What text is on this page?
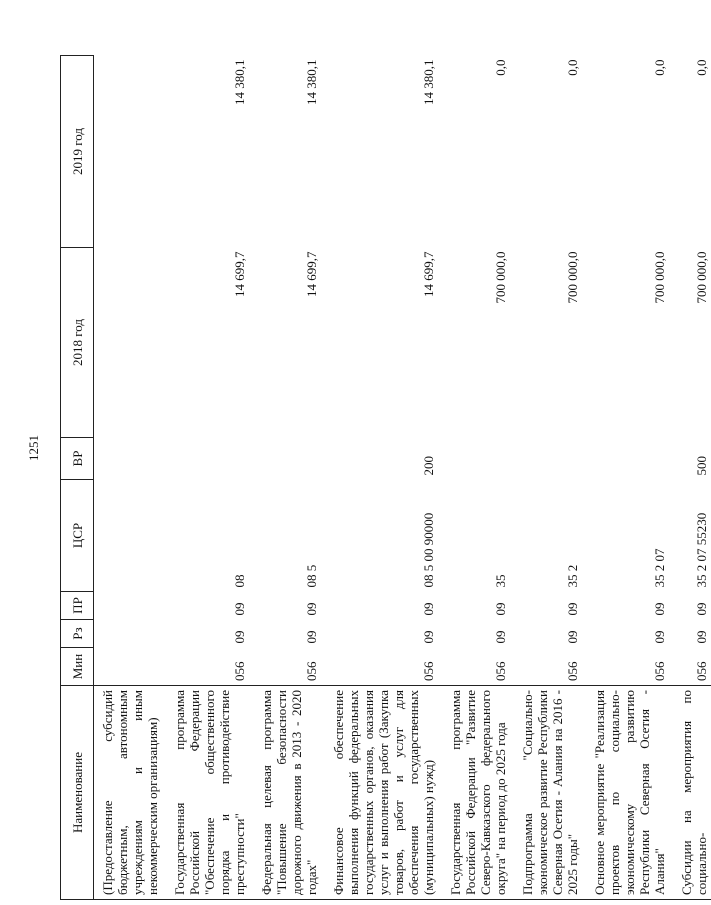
1251
Наименование	Мин	Рз	ПР	ЦСР	ВР	2018 год	2019 год
(Предоставление субсидий бюджетным, автономным учреждениям и иным некоммерческим организациям)							
Государственная программа Российской Федерации "Обеспечение общественного порядка и противодействие преступности"	056	09	09	08		14 699,7	14 380,1
Федеральная целевая программа "Повышение безопасности дорожного движения в 2013 - 2020 годах"	056	09	09	08 5		14 699,7	14 380,1
Финансовое обеспечение выполнения функций федеральных государственных органов, оказания услуг и выполнения работ (Закупка товаров, работ и услуг для обеспечения государственных (муниципальных) нужд)	056	09	09	08 5 00 90000	200	14 699,7	14 380,1
Государственная программа Российской Федерации "Развитие Северо-Кавказского федерального округа" на период до 2025 года	056	09	09	35		700 000,0	0,0
Подпрограмма "Социально-экономическое развитие Республики Северная Осетия - Алания на 2016 - 2025 годы"	056	09	09	35 2		700 000,0	0,0
Основное мероприятие "Реализация проектов по социально-экономическому развитию Республики Северная Осетия - Алания"	056	09	09	35 2 07		700 000,0	0,0
Субсидии на мероприятия по социально-	056	09	09	35 2 07 55230	500	700 000,0	0,0
